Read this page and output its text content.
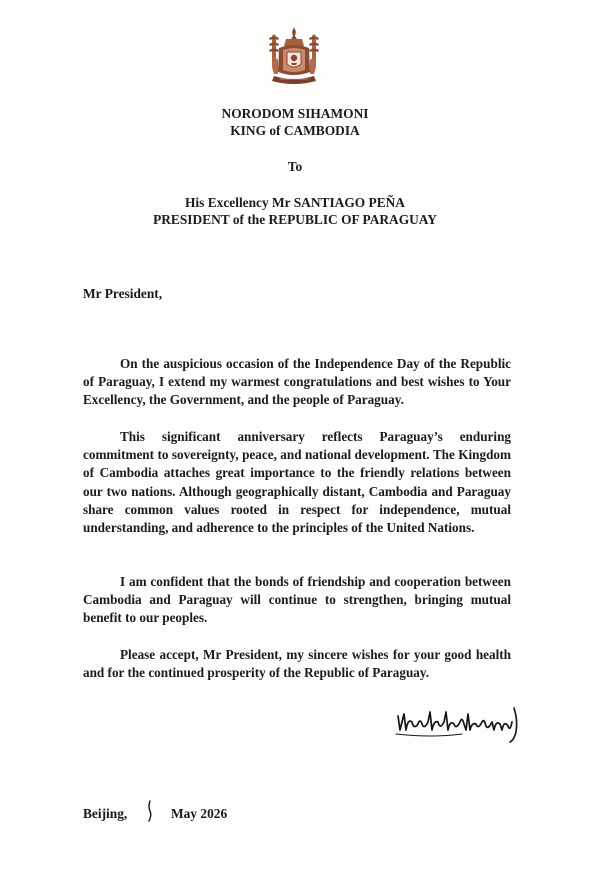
NORODOM SIHAMONI
KING of CAMBODIA
To
His Excellency Mr SANTIAGO PEÑA
PRESIDENT of the REPUBLIC OF PARAGUAY
Mr President,

On the auspicious occasion of the Independence Day of the Republic of Paraguay, I extend my warmest congratulations and best wishes to Your Excellency, the Government, and the people of Paraguay.

This significant anniversary reflects Paraguay’s enduring commitment to sovereignty, peace, and national development. The Kingdom of Cambodia attaches great importance to the friendly relations between our two nations. Although geographically distant, Cambodia and Paraguay share common values rooted in respect for independence, mutual understanding, and adherence to the principles of the United Nations.

I am confident that the bonds of friendship and cooperation between Cambodia and Paraguay will continue to strengthen, bringing mutual benefit to our peoples.

Please accept, Mr President, my sincere wishes for your good health and for the continued prosperity of the Republic of Paraguay.

Beijing,	May 2026
